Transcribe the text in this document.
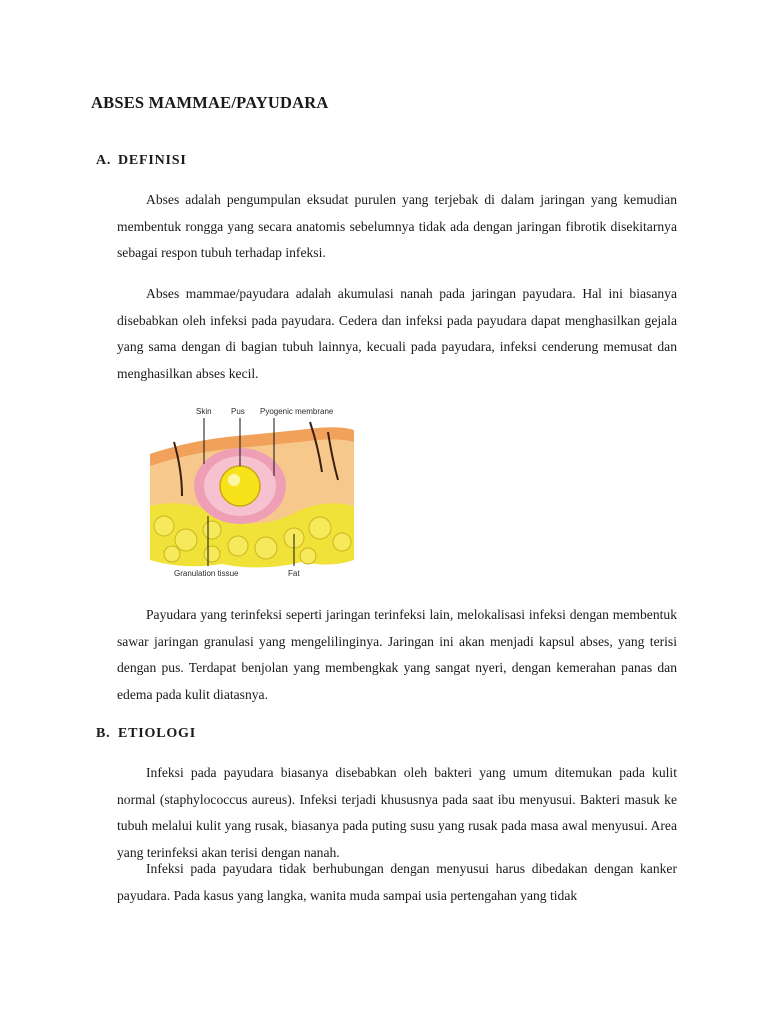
ABSES MAMMAE/PAYUDARA
A. DEFINISI

Abses adalah pengumpulan eksudat purulen yang terjebak di dalam jaringan yang kemudian membentuk rongga yang secara anatomis sebelumnya tidak ada dengan jaringan fibrotik disekitarnya sebagai respon tubuh terhadap infeksi.

Abses mammae/payudara adalah akumulasi nanah pada jaringan payudara. Hal ini biasanya disebabkan oleh infeksi pada payudara. Cedera dan infeksi pada payudara dapat menghasilkan gejala yang sama dengan di bagian tubuh lainnya, kecuali pada payudara, infeksi cenderung memusat dan menghasilkan abses kecil.

Skin Pus Pyogenic membrane
Granulation tissue	Fat

Payudara yang terinfeksi seperti jaringan terinfeksi lain, melokalisasi infeksi dengan membentuk sawar jaringan granulasi yang mengelilinginya. Jaringan ini akan menjadi kapsul abses, yang terisi dengan pus. Terdapat benjolan yang membengkak yang sangat nyeri, dengan kemerahan panas dan edema pada kulit diatasnya.

B. ETIOLOGI

Infeksi pada payudara biasanya disebabkan oleh bakteri yang umum ditemukan pada kulit normal (staphylococcus aureus). Infeksi terjadi khususnya pada saat ibu menyusui. Bakteri masuk ke tubuh melalui kulit yang rusak, biasanya pada puting susu yang rusak pada masa awal menyusui. Area yang terinfeksi akan terisi dengan nanah.

Infeksi pada payudara tidak berhubungan dengan menyusui harus dibedakan dengan kanker payudara. Pada kasus yang langka, wanita muda sampai usia pertengahan yang tidak
